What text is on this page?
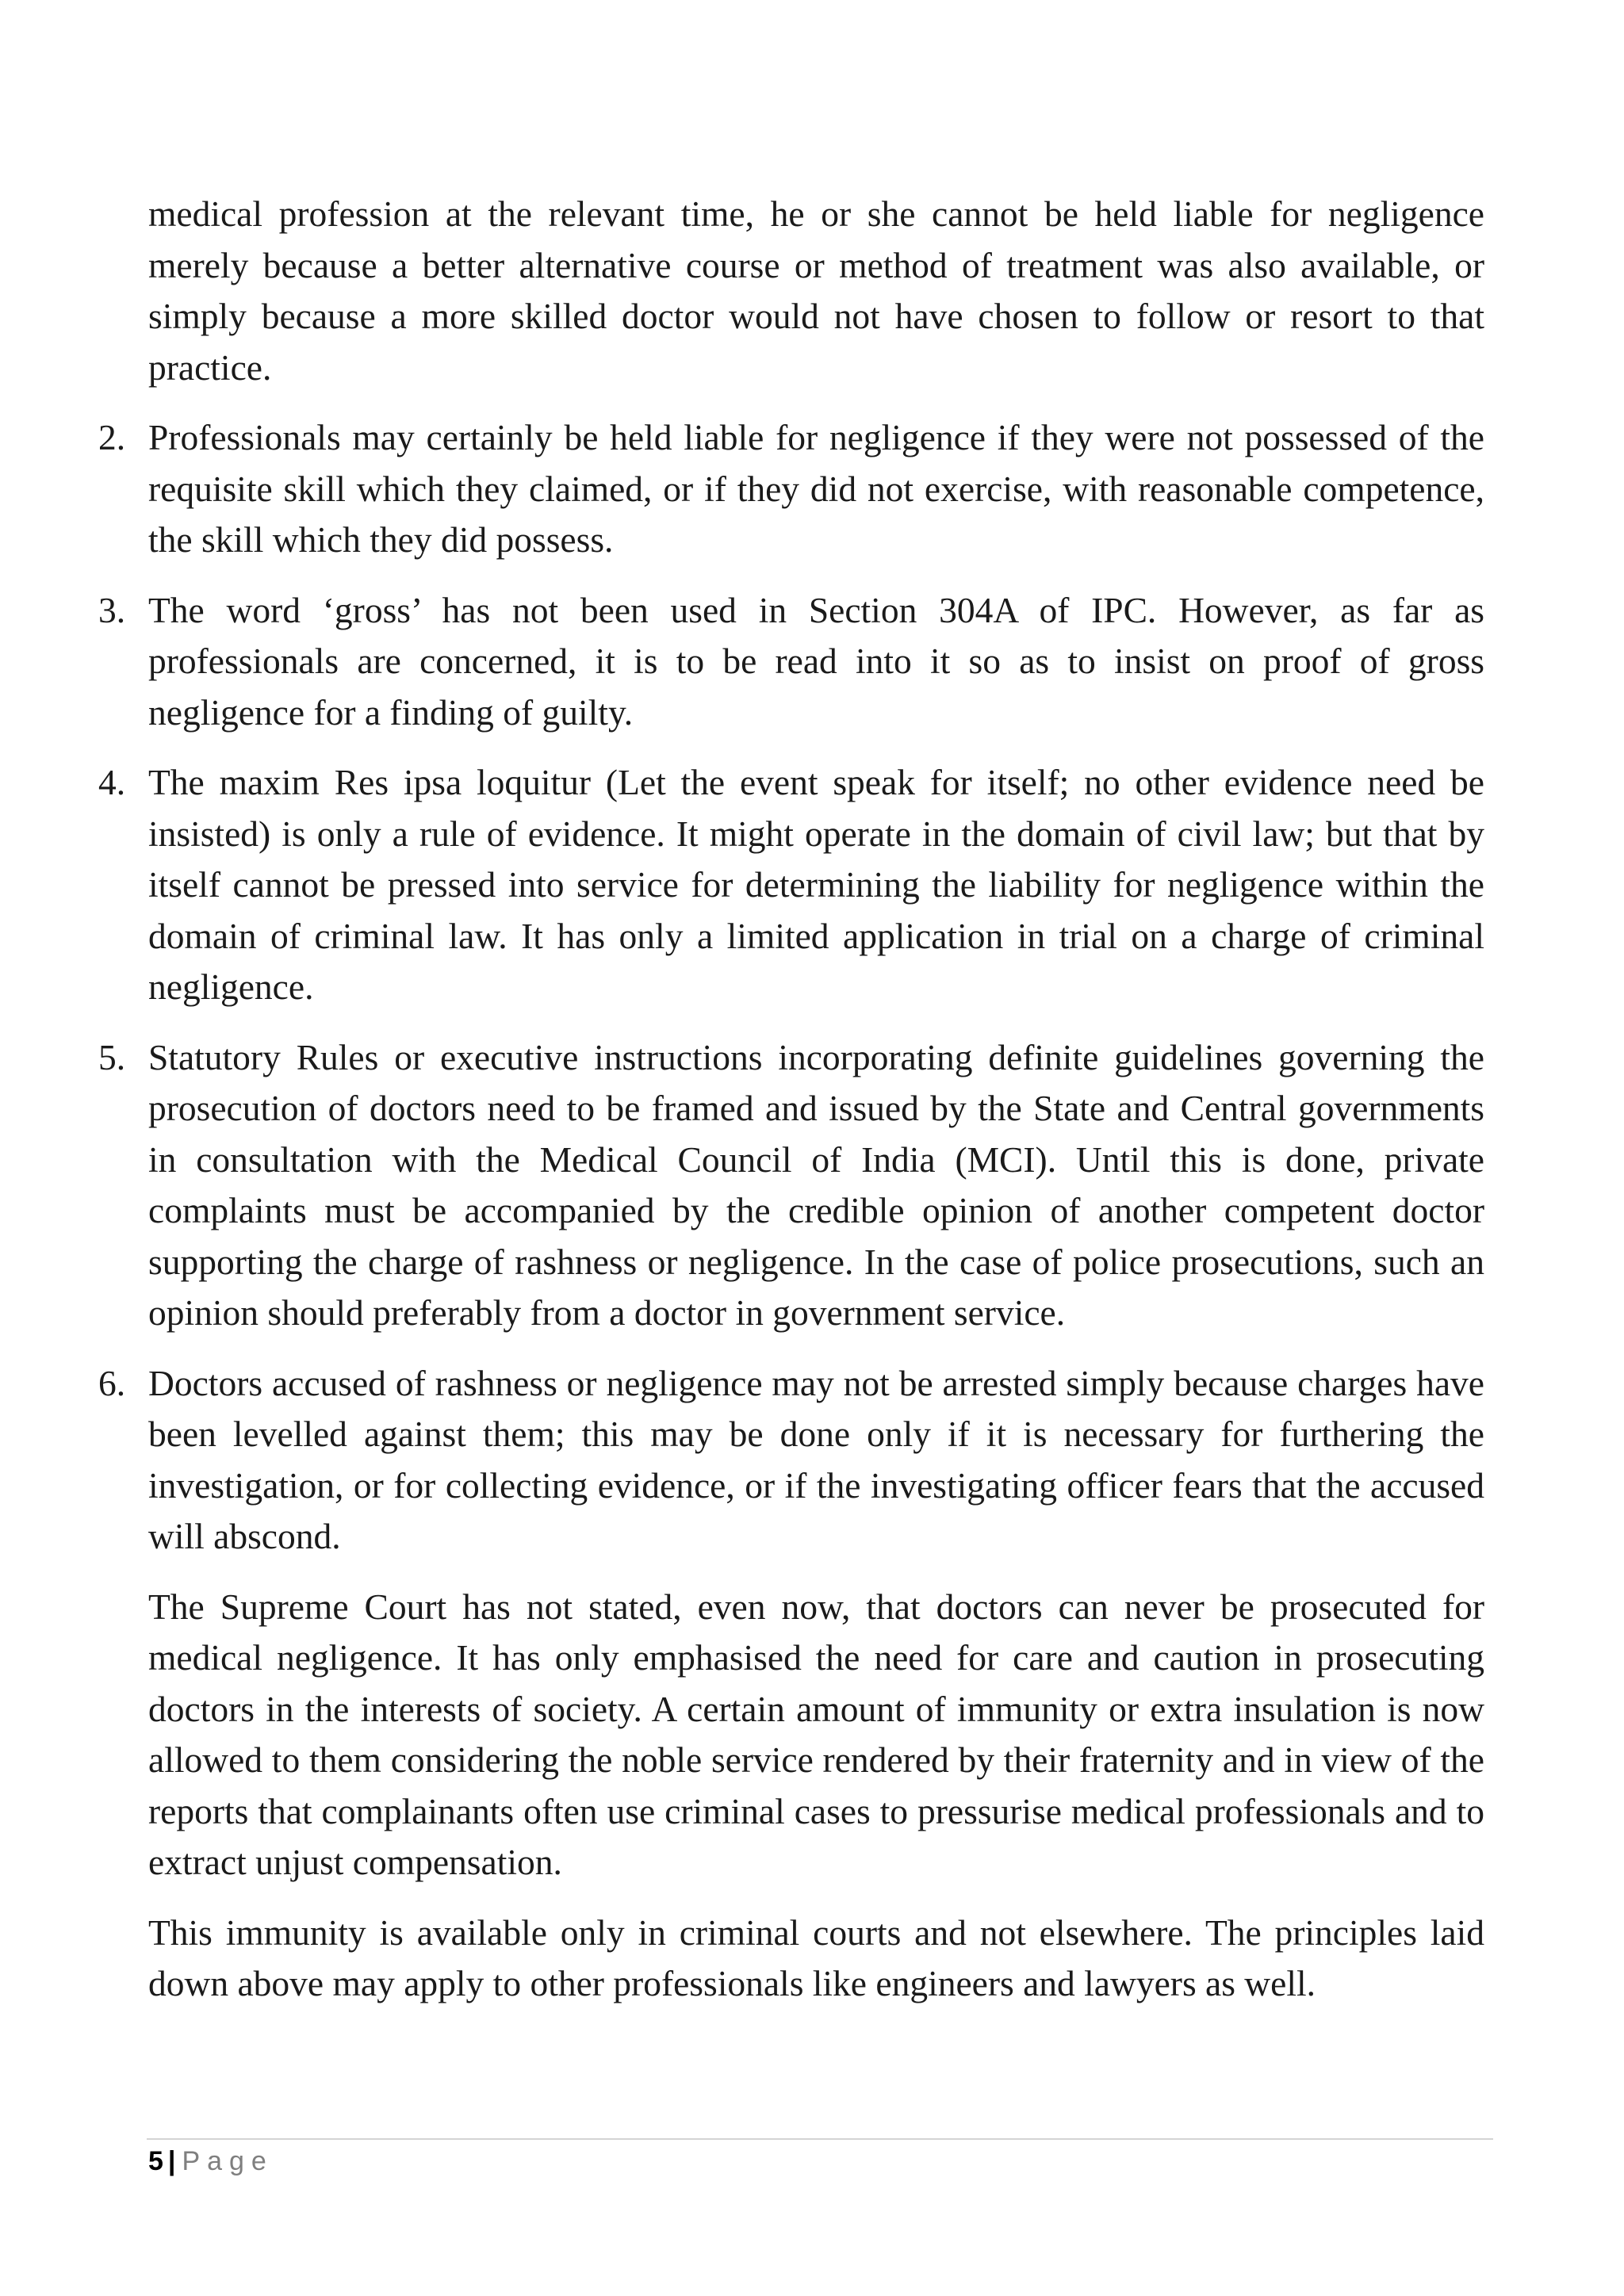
medical profession at the relevant time, he or she cannot be held liable for negligence merely because a better alternative course or method of treatment was also available, or simply because a more skilled doctor would not have chosen to follow or resort to that practice.

2. Professionals may certainly be held liable for negligence if they were not possessed of the requisite skill which they claimed, or if they did not exercise, with reasonable competence, the skill which they did possess.
3. The word ‘gross’ has not been used in Section 304A of IPC. However, as far as professionals are concerned, it is to be read into it so as to insist on proof of gross negligence for a finding of guilty.
4. The maxim Res ipsa loquitur (Let the event speak for itself; no other evidence need be insisted) is only a rule of evidence. It might operate in the domain of civil law; but that by itself cannot be pressed into service for determining the liability for negligence within the domain of criminal law. It has only a limited application in trial on a charge of criminal negligence.
5. Statutory Rules or executive instructions incorporating definite guidelines governing the prosecution of doctors need to be framed and issued by the State and Central governments in consultation with the Medical Council of India (MCI). Until this is done, private complaints must be accompanied by the credible opinion of another competent doctor supporting the charge of rashness or negligence. In the case of police prosecutions, such an opinion should preferably from a doctor in government service.
6. Doctors accused of rashness or negligence may not be arrested simply because charges have been levelled against them; this may be done only if it is necessary for furthering the investigation, or for collecting evidence, or if the investigating officer fears that the accused will abscond.

The Supreme Court has not stated, even now, that doctors can never be prosecuted for medical negligence. It has only emphasised the need for care and caution in prosecuting doctors in the interests of society. A certain amount of immunity or extra insulation is now allowed to them considering the noble service rendered by their fraternity and in view of the reports that complainants often use criminal cases to pressurise medical professionals and to extract unjust compensation.

This immunity is available only in criminal courts and not elsewhere. The principles laid down above may apply to other professionals like engineers and lawyers as well.

5 | Page
